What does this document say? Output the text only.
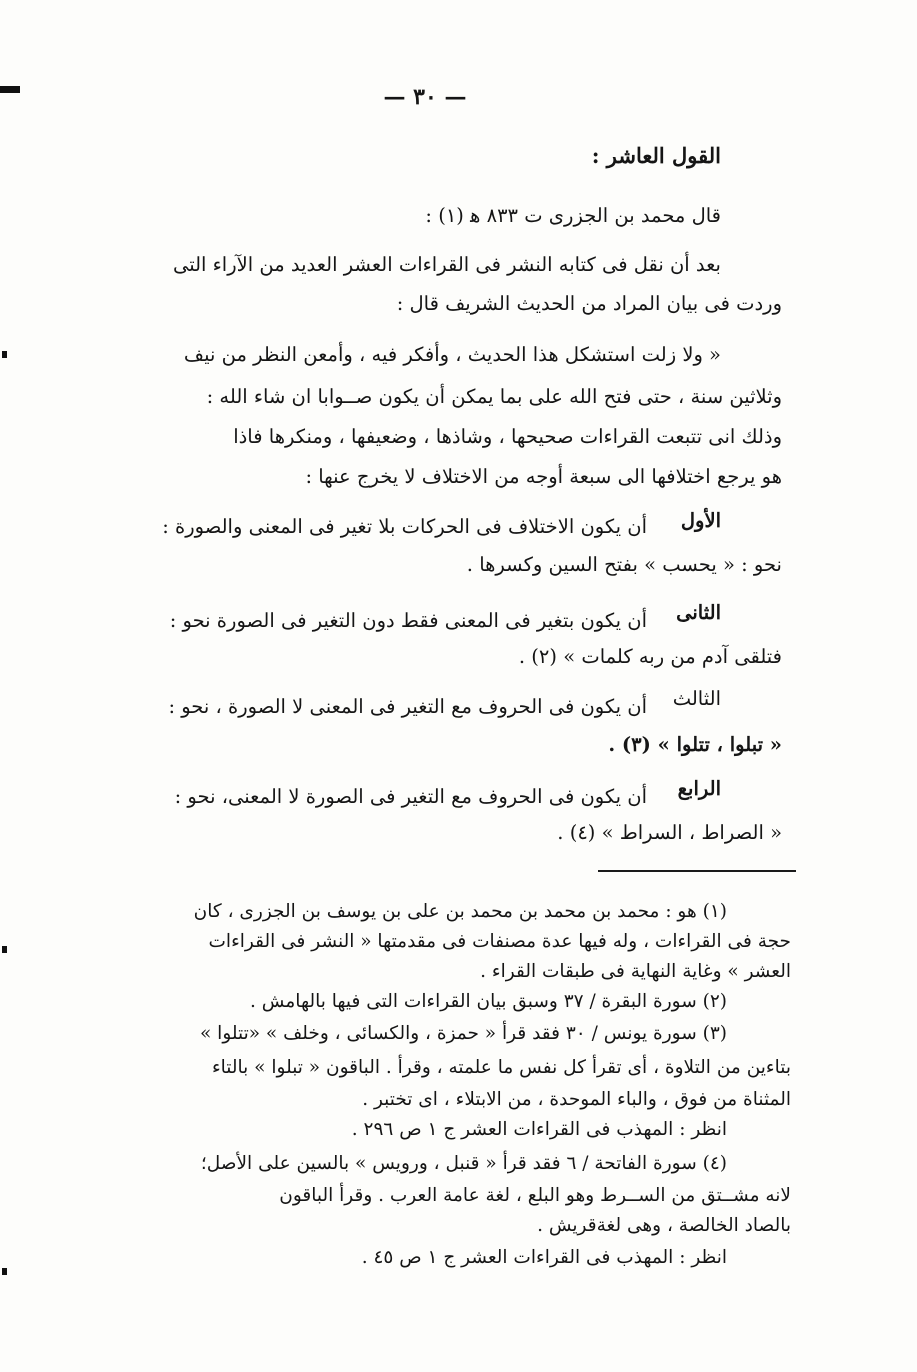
— ٣٠ —
القول العاشر :
قال محمد بن الجزرى ت ٨٣٣ ﻫ (١) :
بعد أن نقل فى كتابه النشر فى القراءات العشر العديد من الآراء التى
وردت فى بيان المراد من الحديث الشريف قال :
« ولا زلت استشكل هذا الحديث ، وأفكر فيه ، وأمعن النظر من نيف
وثلاثين سنة ، حتى فتح الله على بما يمكن أن يكون صــوابا ان شاء الله :
وذلك انى تتبعت القراءات صحيحها ، وشاذها ، وضعيفها ، ومنكرها فاذا
هو يرجع اختلافها الى سبعة أوجه من الاختلاف لا يخرج عنها :
الأول
أن يكون الاختلاف فى الحركات بلا تغير فى المعنى والصورة :
نحو : « يحسب » بفتح السين وكسرها .
الثانى
أن يكون بتغير فى المعنى فقط دون التغير فى الصورة نحو :
فتلقى آدم من ربه كلمات » (٢) .
الثالث
أن يكون فى الحروف مع التغير فى المعنى لا الصورة ، نحو :
« تبلوا ، تتلوا » (٣) .
الرابع
أن يكون فى الحروف مع التغير فى الصورة لا المعنى، نحو :
« الصراط ، السراط » (٤) .
(١) هو : محمد بن محمد بن محمد بن على بن يوسف بن الجزرى ، كان
حجة فى القراءات ، وله فيها عدة مصنفات فى مقدمتها « النشر فى القراءات
العشر » وغاية النهاية فى طبقات القراء .
(٢) سورة البقرة / ٣٧ وسبق بيان القراءات التى فيها بالهامش .
(٣) سورة يونس / ٣٠ فقد قرأ « حمزة ، والكسائى ، وخلف » «تتلوا »
بتاءين من التلاوة ، أى تقرأ كل نفس ما علمته ، وقرأ . الباقون « تبلوا » بالتاء
المثناة من فوق ، والباء الموحدة ، من الابتلاء ، اى تختبر .
انظر : المهذب فى القراءات العشر ج ١ ص ٢٩٦ .
(٤) سورة الفاتحة / ٦ فقد قرأ « قنبل ، ورويس » بالسين على الأصل؛
لانه مشــتق من الســرط وهو البلع ، لغة عامة العرب . وقرأ الباقون
بالصاد الخالصة ، وهى لغةقريش .
انظر : المهذب فى القراءات العشر ج ١ ص ٤٥ .
